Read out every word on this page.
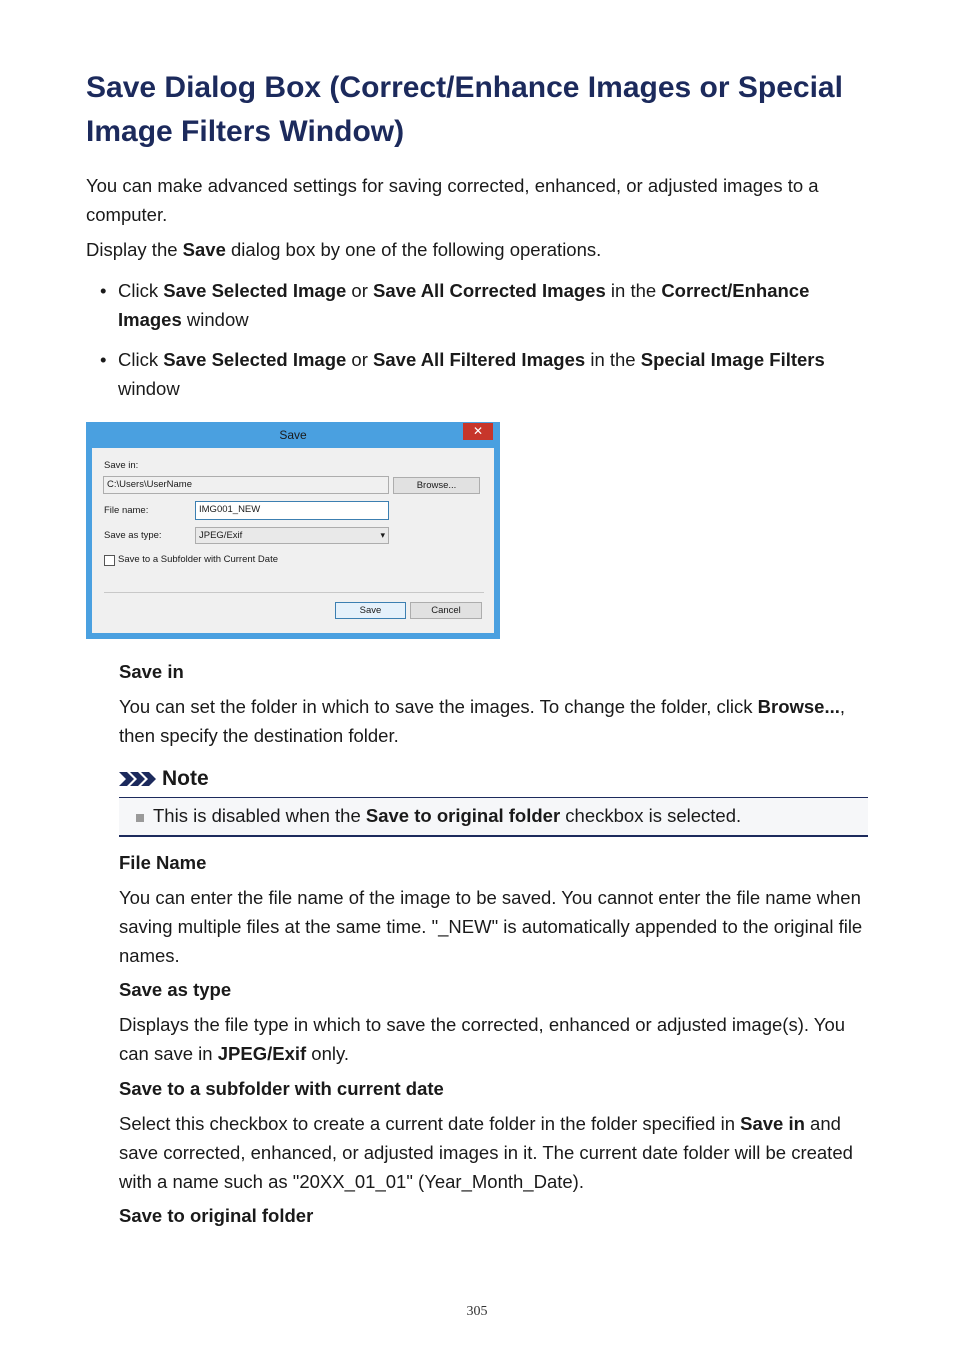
Save Dialog Box (Correct/Enhance Images or Special Image Filters Window)

You can make advanced settings for saving corrected, enhanced, or adjusted images to a computer.

Display the Save dialog box by one of the following operations.

• Click Save Selected Image or Save All Corrected Images in the Correct/Enhance Images window
• Click Save Selected Image or Save All Filtered Images in the Special Image Filters window
Save	✕
Save in:
C:\Users\UserName	Browse...
File name:	IMG001_NEW
Save as type:	JPEG/Exif	▾
Save to a Subfolder with Current Date
Save	Cancel
Save in
You can set the folder in which to save the images. To change the folder, click Browse..., then specify the destination folder.
Note
This is disabled when the Save to original folder checkbox is selected.
File Name
You can enter the file name of the image to be saved. You cannot enter the file name when saving multiple files at the same time. "_NEW" is automatically appended to the original file names.
Save as type
Displays the file type in which to save the corrected, enhanced or adjusted image(s). You can save in JPEG/Exif only.
Save to a subfolder with current date
Select this checkbox to create a current date folder in the folder specified in Save in and save corrected, enhanced, or adjusted images in it. The current date folder will be created with a name such as "20XX_01_01" (Year_Month_Date).
Save to original folder
305
